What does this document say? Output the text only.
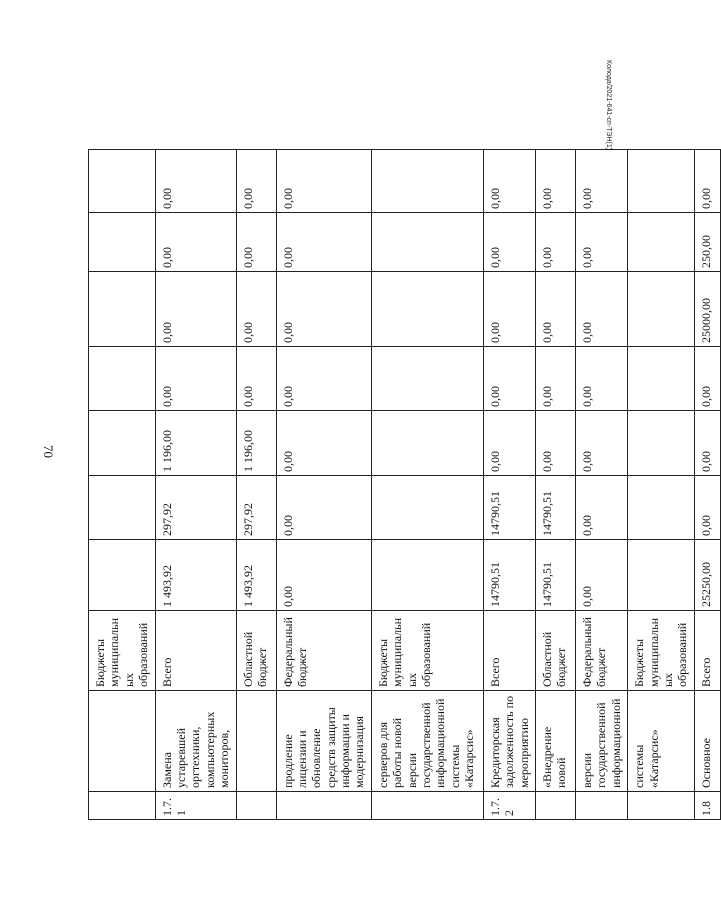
70
Колода/2021-641-сп-ТЭН(1)
		Бюджеты муниципальных образований							
1.7.1	Замена устаревшей оргтехники, компьютерных мониторов,	Всего	1 493,92	297,92	1 196,00	0,00	0,00	0,00	0,00
		Областной бюджет	1 493,92	297,92	1 196,00	0,00	0,00	0,00	0,00
	продление лицензии и обновление средств защиты информации и модернизация	Федеральный бюджет	0,00	0,00	0,00	0,00	0,00	0,00	0,00
	серверов для работы новой версии государственной информационной системы «Катарсис»	Бюджеты муниципальных образований							
1.7.2	Кредиторская задолженность по мероприятию	Всего	14790,51	14790,51	0,00	0,00	0,00	0,00	0,00
	«Внедрение новой	Областной бюджет	14790,51	14790,51	0,00	0,00	0,00	0,00	0,00
	версии государственной информационной	Федеральный бюджет	0,00	0,00	0,00	0,00	0,00	0,00	0,00
	системы «Катарсис»	Бюджеты муниципальных образований							
1.8	Основное	Всего	25250,00	0,00	0,00	0,00	25000,00	250,00	0,00
